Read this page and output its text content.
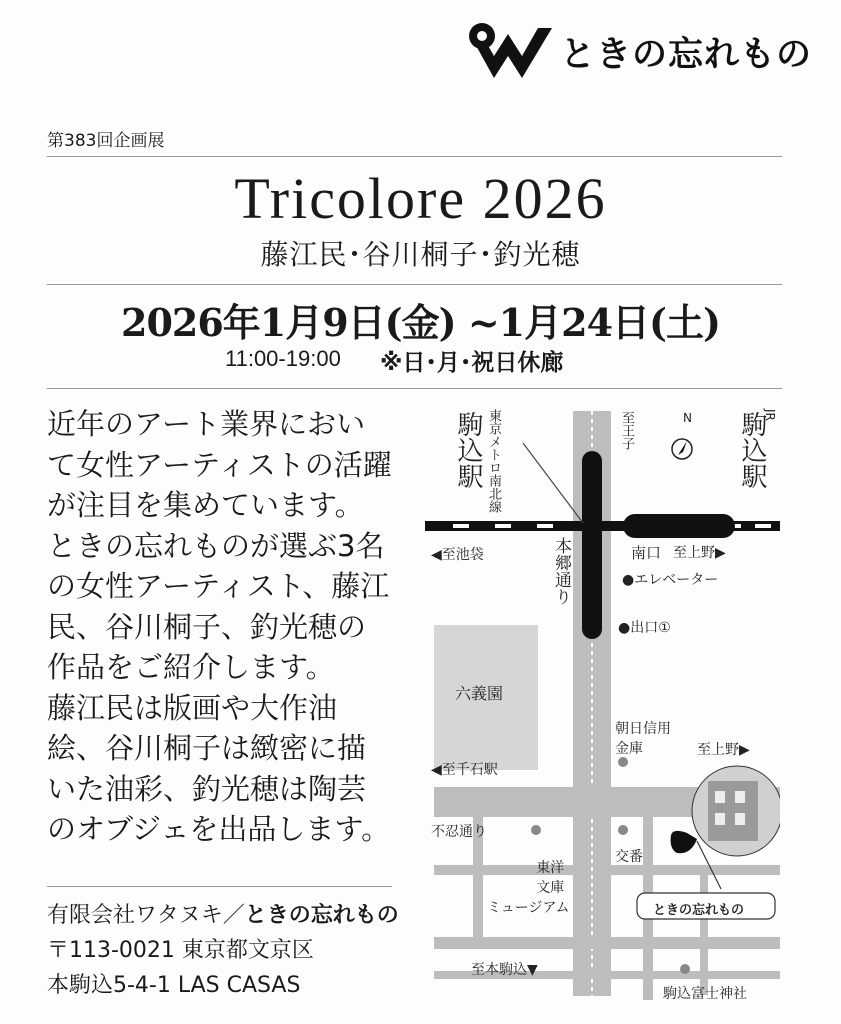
ときの忘れもの
第383回企画展
Tricolore 2026
藤江民･谷川桐子･釣光穂
2026年1月9日(金) ~1月24日(土)
11:00-19:00 ※日･月･祝日休廊

近年のアート業界において女性アーティストの活躍が注目を集めています。ときの忘れものが選ぶ3名の女性アーティスト、藤江民、谷川桐子、釣光穂の作品をご紹介します。

藤江民は版画や大作油絵、谷川桐子は緻密に描いた油彩、釣光穂は陶芸のオブジェを出品します。

有限会社ワタヌキ／ときの忘れもの
〒113-0021 東京都文京区
本駒込5-4-1 LAS CASAS
駒込駅	駒込駅
JR
東京メトロ南北線
本郷通り
至王子	N
◀至池袋	南口 至上野▶
●エレベーター
●出口①
六義園
朝日信用金庫	至上野▶
◀至千石駅
不忍通り
交番
東洋
文庫
ミュージアム	ときの忘れもの
至本駒込▼
駒込富士神社
